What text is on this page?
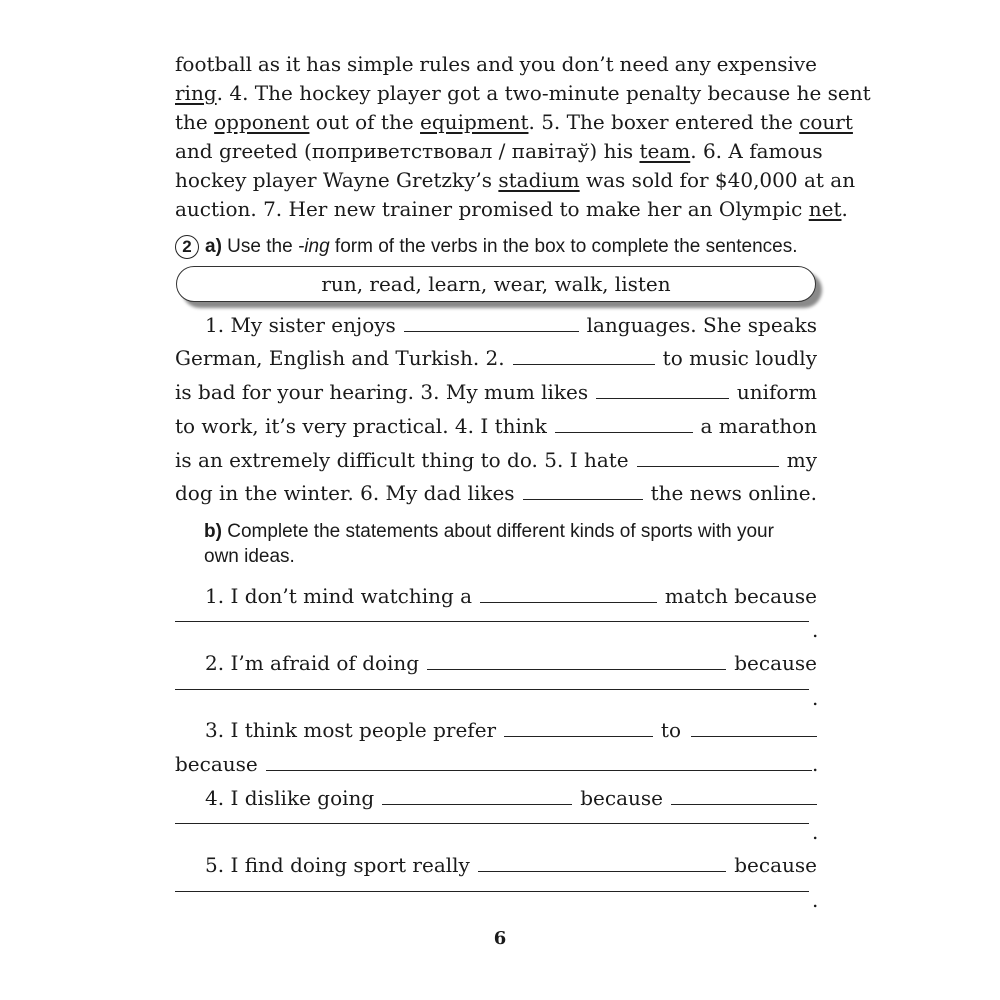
football as it has simple rules and you don’t need any expensive
ring. 4. The hockey player got a two-minute penalty because he sent
the opponent out of the equipment. 5. The boxer entered the court
and greeted (поприветствовал / павітаў) his team. 6. A famous
hockey player Wayne Gretzky’s stadium was sold for $40,000 at an
auction. 7. Her new trainer promised to make her an Olympic net.
2 a) Use the -ing form of the verbs in the box to complete the sentences.
run, read, learn, wear, walk, listen
1. My sister enjoys	languages. She speaks
German, English and Turkish. 2.	to music loudly
is bad for your hearing. 3. My mum likes	uniform
to work, it’s very practical. 4. I think	a marathon
is an extremely difficult thing to do. 5. I hate	my
dog in the winter. 6. My dad likes	the news online.
b) Complete the statements about different kinds of sports with your
own ideas.
1. I don’t mind watching a	match because
.
2. I’m afraid of doing	because
.
3. I think most people prefer	to
because	.
4. I dislike going	because
.
5. I find doing sport really	because
.
6
